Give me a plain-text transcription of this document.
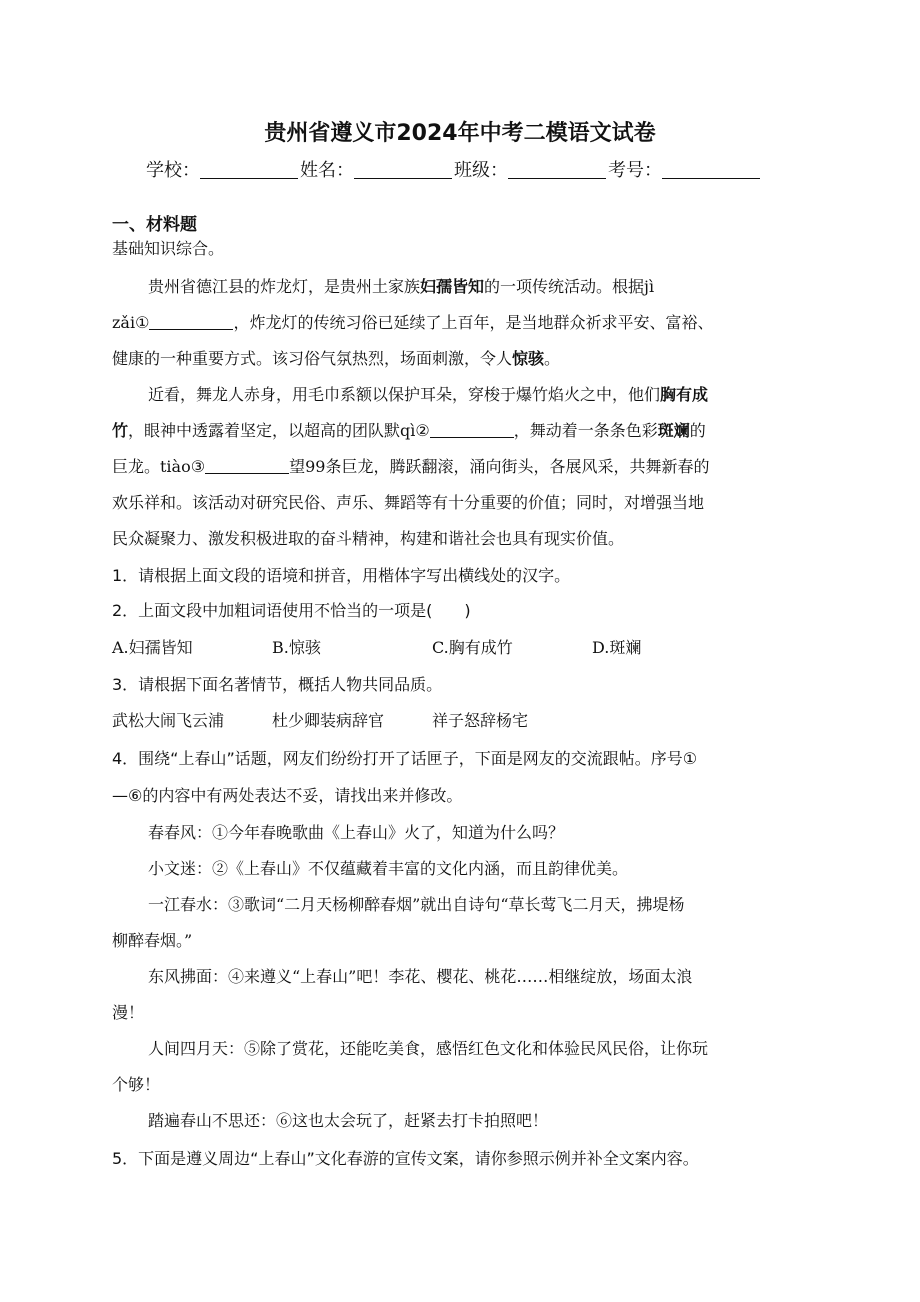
贵州省遵义市2024年中考二模语文试卷
学校：	姓名：	班级：	考号：
一、材料题
基础知识综合。
贵州省德江县的炸龙灯，是贵州土家族妇孺皆知的一项传统活动。根据jì
zǎi①	，炸龙灯的传统习俗已延续了上百年，是当地群众祈求平安、富裕、
健康的一种重要方式。该习俗气氛热烈，场面刺激，令人惊骇。
近看，舞龙人赤身，用毛巾系额以保护耳朵，穿梭于爆竹焰火之中，他们胸有成
竹，眼神中透露着坚定，以超高的团队默qì②	，舞动着一条条色彩斑斓的
巨龙。tiào③	望99条巨龙，腾跃翻滚，涌向街头，各展风采，共舞新春的
欢乐祥和。该活动对研究民俗、声乐、舞蹈等有十分重要的价值；同时，对增强当地
民众凝聚力、激发积极进取的奋斗精神，构建和谐社会也具有现实价值。
1．请根据上面文段的语境和拼音，用楷体字写出横线处的汉字。
2．上面文段中加粗词语使用不恰当的一项是(　　)
A.妇孺皆知	B.惊骇	C.胸有成竹	D.斑斓
3．请根据下面名著情节，概括人物共同品质。
武松大闹飞云浦	杜少卿装病辞官	祥子怒辞杨宅
4．围绕“上春山”话题，网友们纷纷打开了话匣子，下面是网友的交流跟帖。序号①
—⑥的内容中有两处表达不妥，请找出来并修改。
春春风：①今年春晚歌曲《上春山》火了，知道为什么吗？
小文迷：②《上春山》不仅蕴藏着丰富的文化内涵，而且韵律优美。
一江春水：③歌词“二月天杨柳醉春烟”就出自诗句“草长莺飞二月天，拂堤杨
柳醉春烟。”
东风拂面：④来遵义“上春山”吧！李花、樱花、桃花……相继绽放，场面太浪
漫！
人间四月天：⑤除了赏花，还能吃美食，感悟红色文化和体验民风民俗，让你玩
个够！
踏遍春山不思还：⑥这也太会玩了，赶紧去打卡拍照吧！
5．下面是遵义周边“上春山”文化春游的宣传文案，请你参照示例并补全文案内容。
